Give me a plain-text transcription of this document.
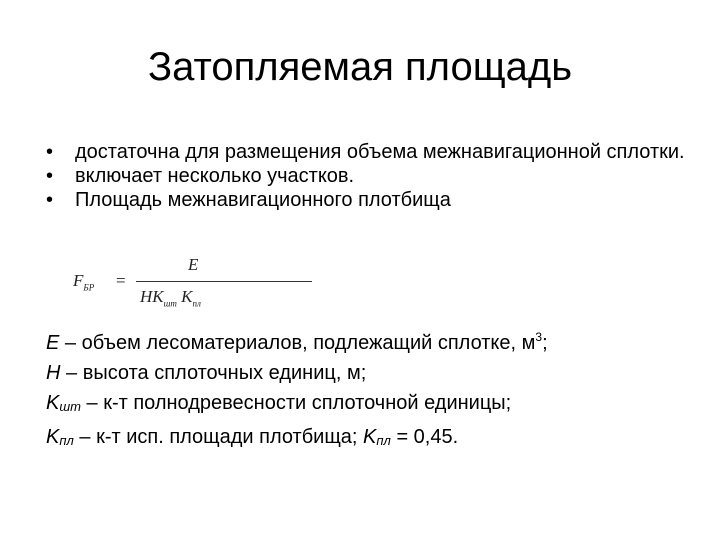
Затопляемая площадь
• достаточна для размещения объема межнавигационной сплотки.
• включает несколько участков.
• Площадь межнавигационного плотбища
$F_{БР}$ =
E
$HK_{шт}$ $K_{пл}$
E – объем лесоматериалов, подлежащий сплотке, $м^3$;
H – высота сплоточных единиц, м;
$K_{шт} - к-т$ полнодревесности сплоточной единицы;
$K_{пл} - к-т$ исп. площади плотбища; $K_{пл} = 0,45$.
